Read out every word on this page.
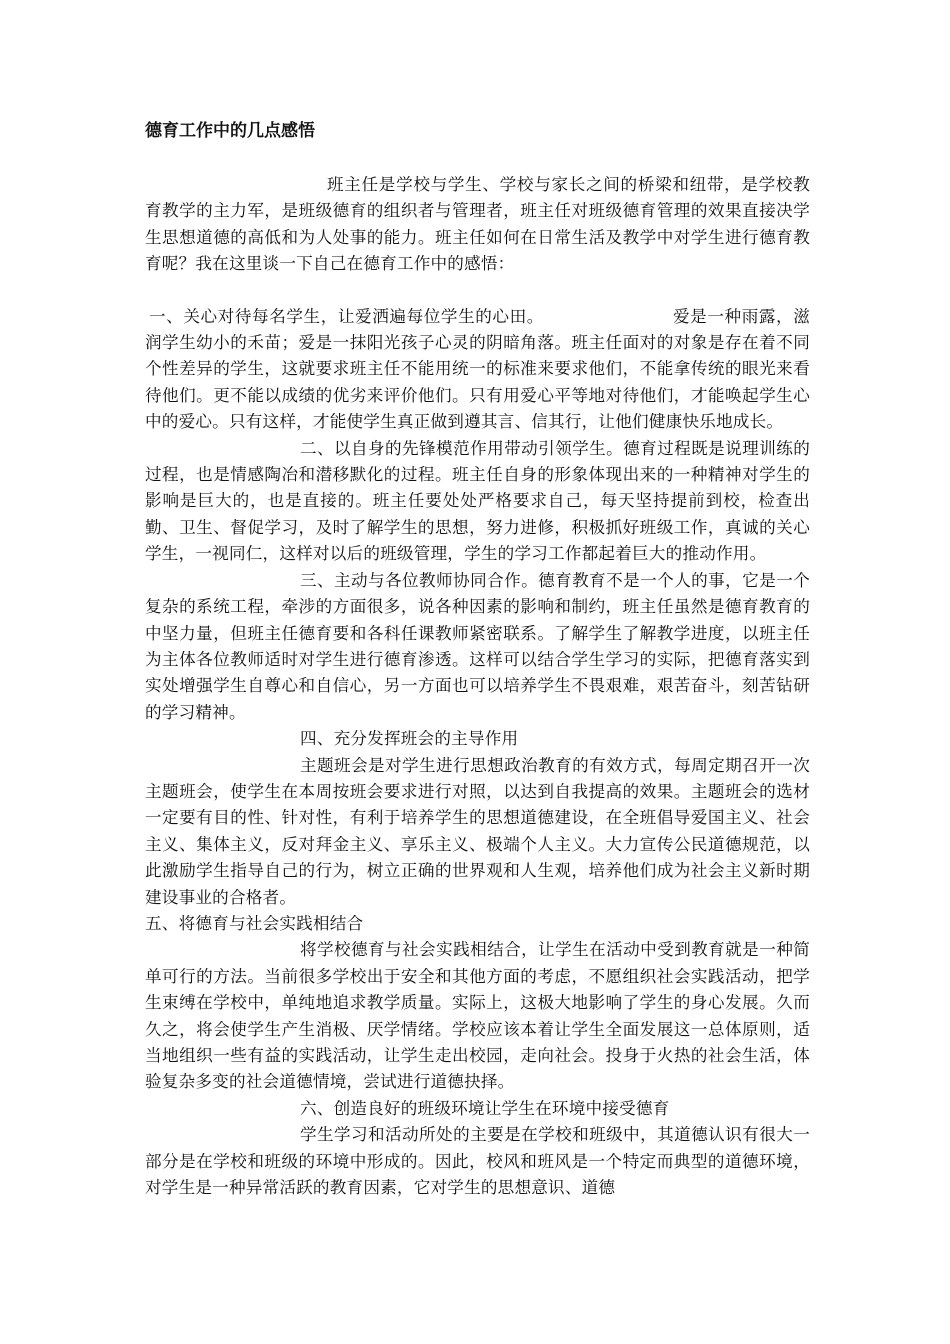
德育工作中的几点感悟

班主任是学校与学生、学校与家长之间的桥梁和纽带，是学校教育教学的主力军，是班级德育的组织者与管理者，班主任对班级德育管理的效果直接决学生思想道德的高低和为人处事的能力。班主任如何在日常生活及教学中对学生进行德育教育呢？我在这里谈一下自己在德育工作中的感悟：

一、关心对待每名学生，让爱洒遍每位学生的心田。　　　　　　　　爱是一种雨露，滋润学生幼小的禾苗；爱是一抹阳光孩子心灵的阴暗角落。班主任面对的对象是存在着不同个性差异的学生，这就要求班主任不能用统一的标准来要求他们，不能拿传统的眼光来看待他们。更不能以成绩的优劣来评价他们。只有用爱心平等地对待他们，才能唤起学生心中的爱心。只有这样，才能使学生真正做到遵其言、信其行，让他们健康快乐地成长。

二、以自身的先锋模范作用带动引领学生。德育过程既是说理训练的过程，也是情感陶冶和潜移默化的过程。班主任自身的形象体现出来的一种精神对学生的影响是巨大的，也是直接的。班主任要处处严格要求自己，每天坚持提前到校，检查出勤、卫生、督促学习，及时了解学生的思想，努力进修，积极抓好班级工作，真诚的关心学生，一视同仁，这样对以后的班级管理，学生的学习工作都起着巨大的推动作用。

三、主动与各位教师协同合作。德育教育不是一个人的事，它是一个复杂的系统工程，牵涉的方面很多，说各种因素的影响和制约，班主任虽然是德育教育的中坚力量，但班主任德育要和各科任课教师紧密联系。了解学生了解教学进度，以班主任为主体各位教师适时对学生进行德育渗透。这样可以结合学生学习的实际，把德育落实到实处增强学生自尊心和自信心，另一方面也可以培养学生不畏艰难，艰苦奋斗，刻苦钻研的学习精神。

四、充分发挥班会的主导作用

主题班会是对学生进行思想政治教育的有效方式，每周定期召开一次主题班会，使学生在本周按班会要求进行对照，以达到自我提高的效果。主题班会的选材一定要有目的性、针对性，有利于培养学生的思想道德建设，在全班倡导爱国主义、社会主义、集体主义，反对拜金主义、享乐主义、极端个人主义。大力宣传公民道德规范，以此激励学生指导自己的行为，树立正确的世界观和人生观，培养他们成为社会主义新时期建设事业的合格者。

五、将德育与社会实践相结合

将学校德育与社会实践相结合，让学生在活动中受到教育就是一种简单可行的方法。当前很多学校出于安全和其他方面的考虑，不愿组织社会实践活动，把学生束缚在学校中，单纯地追求教学质量。实际上，这极大地影响了学生的身心发展。久而久之，将会使学生产生消极、厌学情绪。学校应该本着让学生全面发展这一总体原则，适当地组织一些有益的实践活动，让学生走出校园，走向社会。投身于火热的社会生活，体验复杂多变的社会道德情境，尝试进行道德抉择。

六、创造良好的班级环境让学生在环境中接受德育

学生学习和活动所处的主要是在学校和班级中，其道德认识有很大一部分是在学校和班级的环境中形成的。因此，校风和班风是一个特定而典型的道德环境，对学生是一种异常活跃的教育因素，它对学生的思想意识、道德
